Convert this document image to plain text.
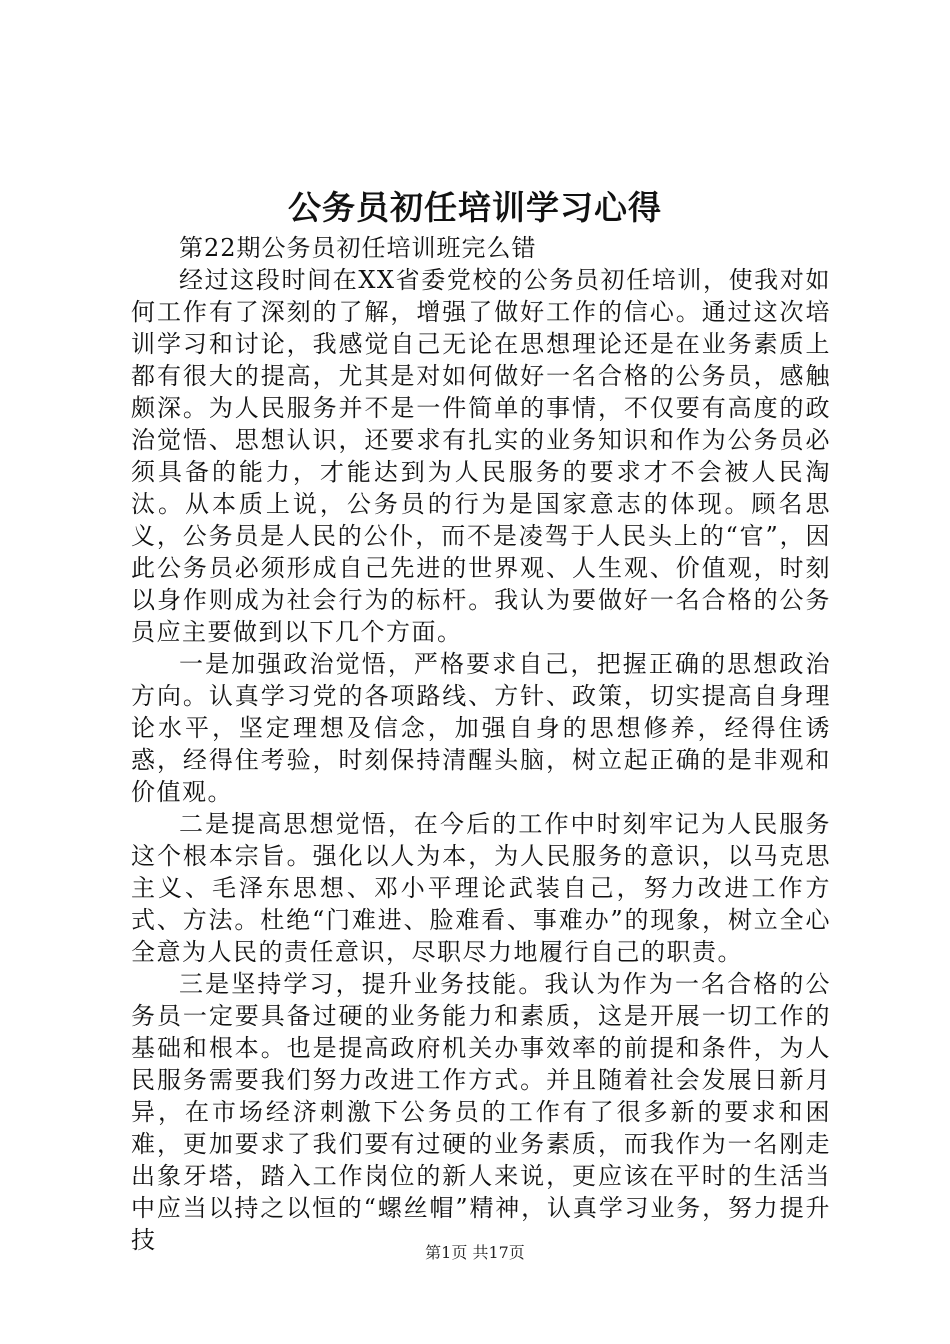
公务员初任培训学习心得

第22期公务员初任培训班完么错

经过这段时间在XX省委党校的公务员初任培训，使我对如何工作有了深刻的了解，增强了做好工作的信心。通过这次培训学习和讨论，我感觉自己无论在思想理论还是在业务素质上都有很大的提高，尤其是对如何做好一名合格的公务员，感触颇深。为人民服务并不是一件简单的事情，不仅要有高度的政治觉悟、思想认识，还要求有扎实的业务知识和作为公务员必须具备的能力，才能达到为人民服务的要求才不会被人民淘汰。从本质上说，公务员的行为是国家意志的体现。顾名思义，公务员是人民的公仆，而不是凌驾于人民头上的“官”，因此公务员必须形成自己先进的世界观、人生观、价值观，时刻以身作则成为社会行为的标杆。我认为要做好一名合格的公务员应主要做到以下几个方面。

一是加强政治觉悟，严格要求自己，把握正确的思想政治方向。认真学习党的各项路线、方针、政策，切实提高自身理论水平，坚定理想及信念，加强自身的思想修养，经得住诱惑，经得住考验，时刻保持清醒头脑，树立起正确的是非观和价值观。

二是提高思想觉悟，在今后的工作中时刻牢记为人民服务这个根本宗旨。强化以人为本，为人民服务的意识，以马克思主义、毛泽东思想、邓小平理论武装自己，努力改进工作方式、方法。杜绝“门难进、脸难看、事难办”的现象，树立全心全意为人民的责任意识，尽职尽力地履行自己的职责。

三是坚持学习，提升业务技能。我认为作为一名合格的公务员一定要具备过硬的业务能力和素质，这是开展一切工作的基础和根本。也是提高政府机关办事效率的前提和条件，为人民服务需要我们努力改进工作方式。并且随着社会发展日新月异，在市场经济刺激下公务员的工作有了很多新的要求和困难，更加要求了我们要有过硬的业务素质，而我作为一名刚走出象牙塔，踏入工作岗位的新人来说，更应该在平时的生活当中应当以持之以恒的“螺丝帽”精神，认真学习业务，努力提升技	第1页 共17页
